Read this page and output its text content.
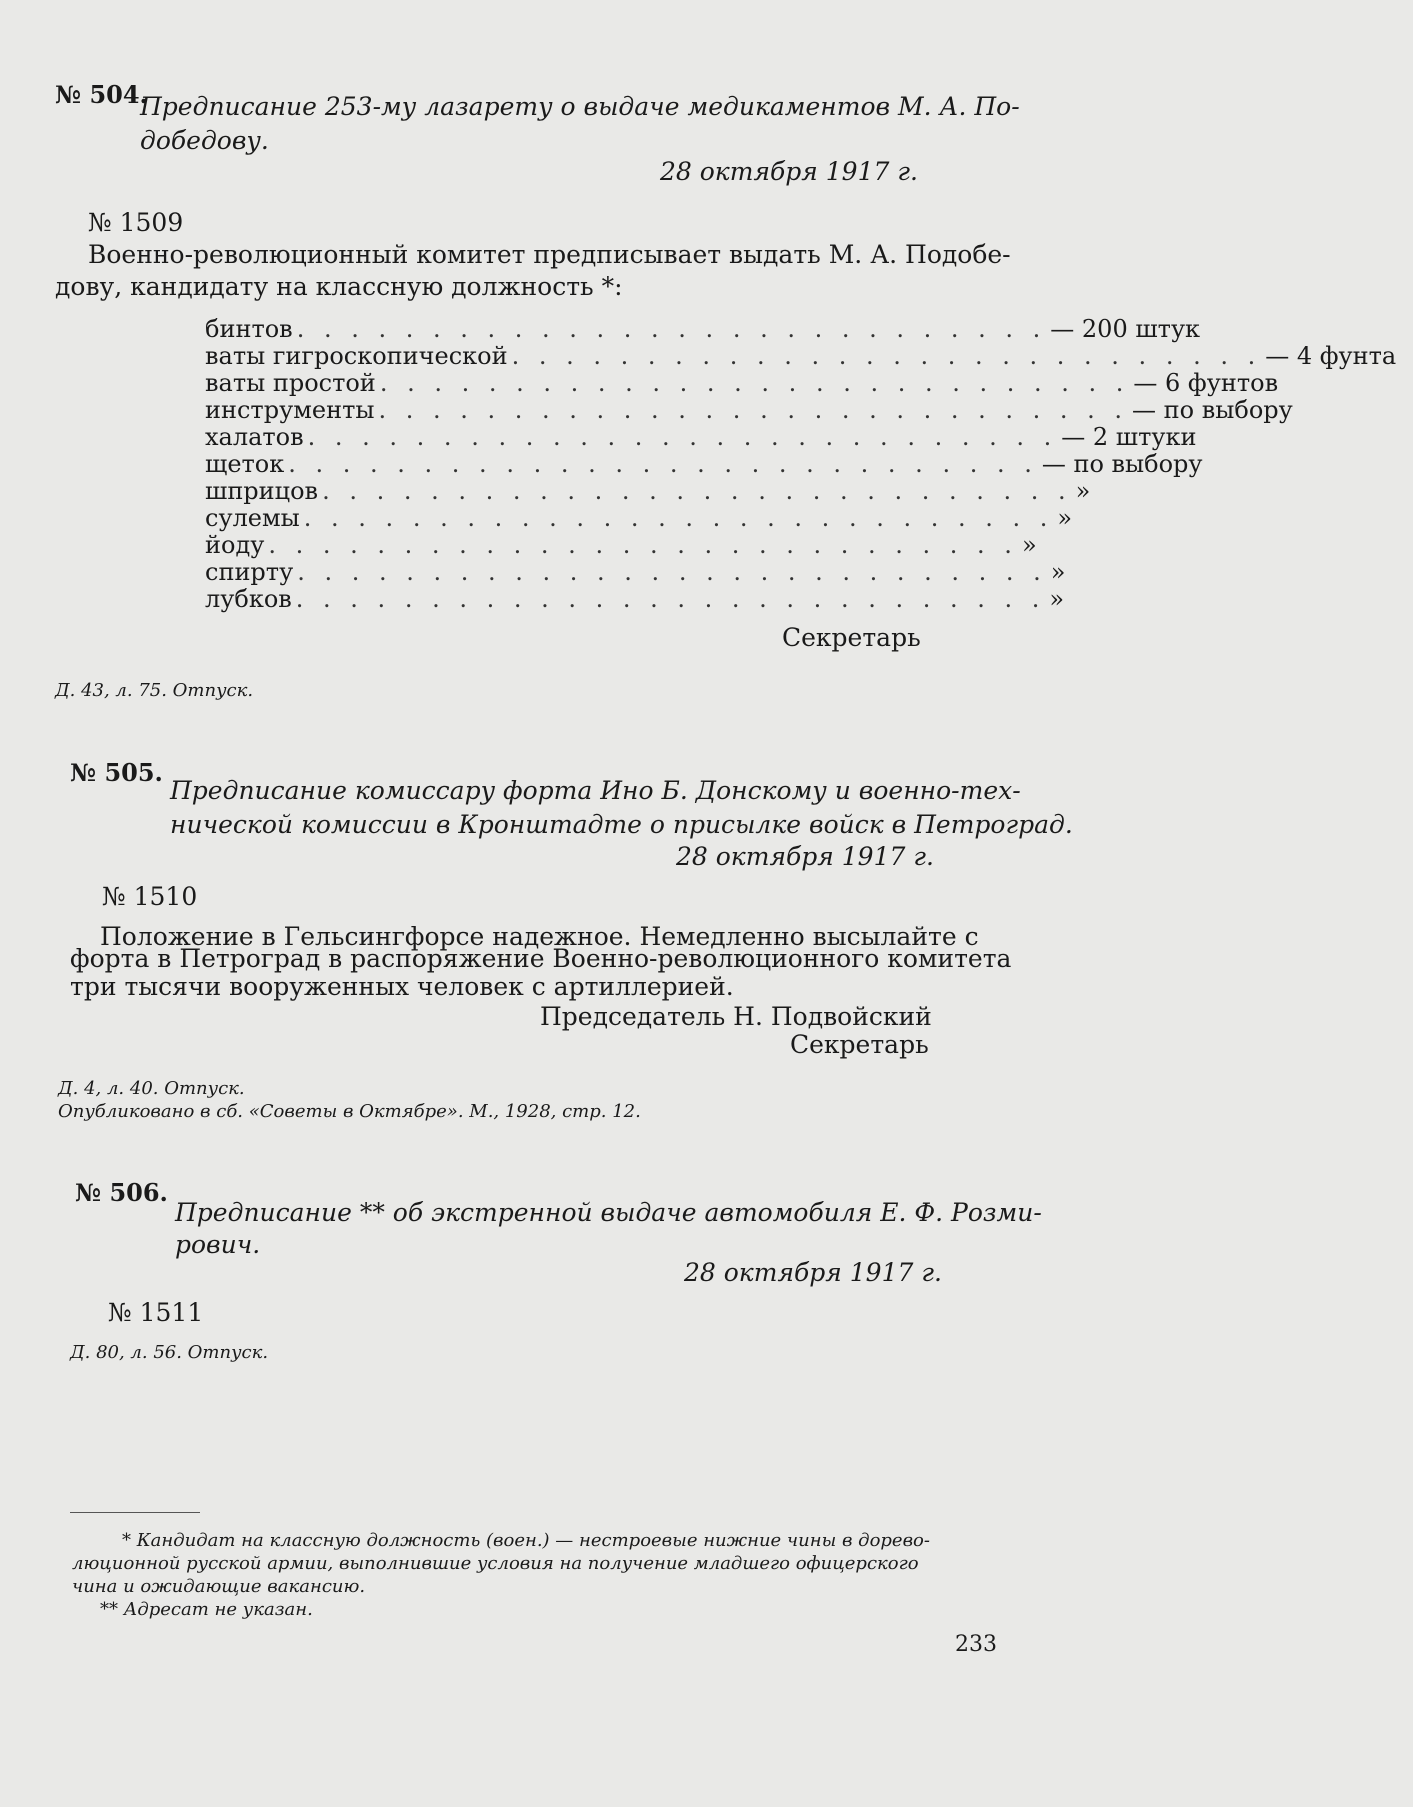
№ 504.
Предписание 253-му лазарету о выдаче медикаментов М. А. По-
добедову.
28 октября 1917 г.
№ 1509
Военно-революционный комитет предписывает выдать М. А. Подобе-
дову, кандидату на классную должность *:
бинтов . . . . . . . . . . . . . . . . . . . . . . . . . . . . — 200 штук
ваты гигроскопической . . . . . . . . . . . . . . . . . . . . . . . . . . . . — 4 фунта
ваты простой . . . . . . . . . . . . . . . . . . . . . . . . . . . . — 6 фунтов
инструменты . . . . . . . . . . . . . . . . . . . . . . . . . . . . — по выбору
халатов . . . . . . . . . . . . . . . . . . . . . . . . . . . . — 2 штуки
щеток . . . . . . . . . . . . . . . . . . . . . . . . . . . . — по выбору
шприцов . . . . . . . . . . . . . . . . . . . . . . . . . . . . »
сулемы . . . . . . . . . . . . . . . . . . . . . . . . . . . . »
йоду . . . . . . . . . . . . . . . . . . . . . . . . . . . . »
спирту . . . . . . . . . . . . . . . . . . . . . . . . . . . . »
лубков . . . . . . . . . . . . . . . . . . . . . . . . . . . . »
Секретарь
Д. 43, л. 75. Отпуск.
№ 505.
Предписание комиссару форта Ино Б. Донскому и военно-тех-
нической комиссии в Кронштадте о присылке войск в Петроград.
28 октября 1917 г.
№ 1510
Положение в Гельсингфорсе надежное. Немедленно высылайте с
форта в Петроград в распоряжение Военно-революционного комитета
три тысячи вооруженных человек с артиллерией.
Председатель Н. Подвойский
Секретарь
Д. 4, л. 40. Отпуск.
Опубликовано в сб. «Советы в Октябре». М., 1928, стр. 12.
№ 506.
Предписание ** об экстренной выдаче автомобиля Е. Ф. Розми-
рович.
28 октября 1917 г.
№ 1511
Д. 80, л. 56. Отпуск.
* Кандидат на классную должность (воен.) — нестроевые нижние чины в дорево-
люционной русской армии, выполнившие условия на получение младшего офицерского
чина и ожидающие вакансию.
** Адресат не указан.
233
